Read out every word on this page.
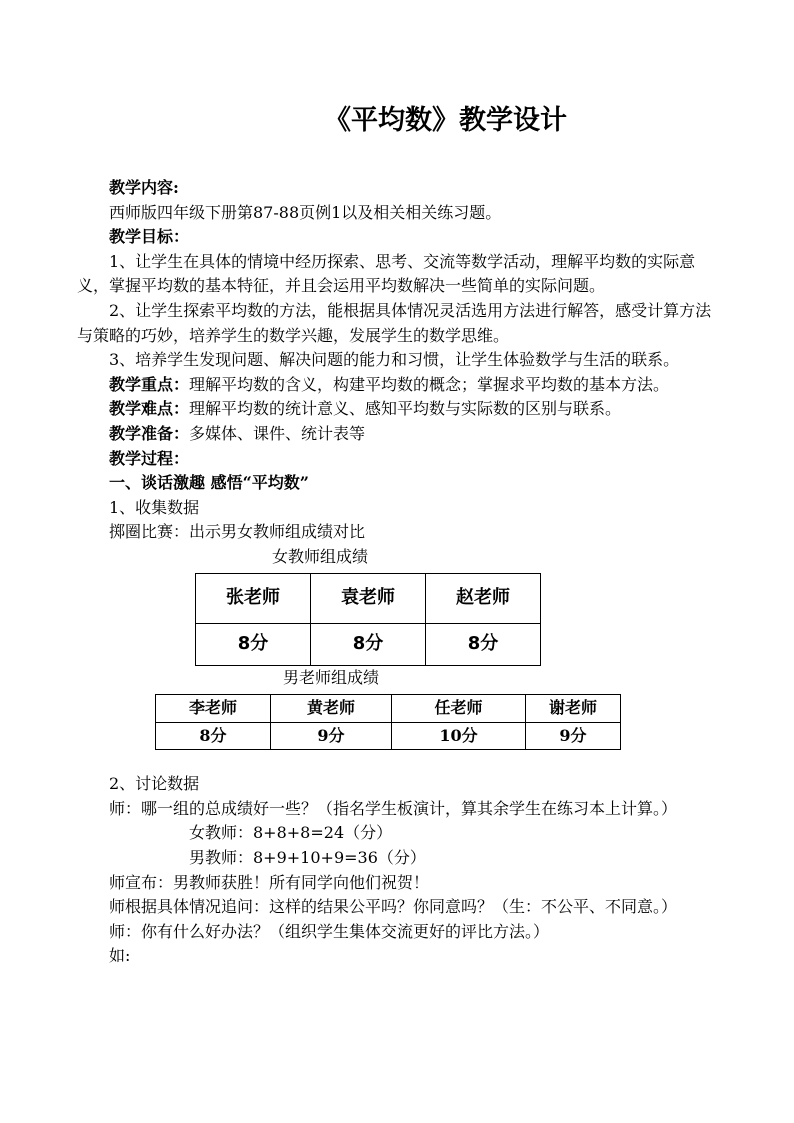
《平均数》教学设计

教学内容:

西师版四年级下册第87-88页例1以及相关相关练习题。

教学目标：

1、让学生在具体的情境中经历探索、思考、交流等数学活动，理解平均数的实际意义，掌握平均数的基本特征，并且会运用平均数解决一些简单的实际问题。

2、让学生探索平均数的方法，能根据具体情况灵活选用方法进行解答，感受计算方法与策略的巧妙，培养学生的数学兴趣，发展学生的数学思维。

3、培养学生发现问题、解决问题的能力和习惯，让学生体验数学与生活的联系。

教学重点：理解平均数的含义，构建平均数的概念；掌握求平均数的基本方法。

教学难点：理解平均数的统计意义、感知平均数与实际数的区别与联系。

教学准备：多媒体、课件、统计表等

教学过程：

一、谈话激趣 感悟“平均数”

1、收集数据

掷圈比赛：出示男女教师组成绩对比

女教师组成绩

张老师	袁老师	赵老师
8分	8分	8分

男老师组成绩

李老师	黄老师	任老师	谢老师
8分	9分	10分	9分

2、讨论数据

师：哪一组的总成绩好一些？（指名学生板演计，算其余学生在练习本上计算。）

女教师：8+8+8=24（分）

男教师：8+9+10+9=36（分）

师宣布：男教师获胜！所有同学向他们祝贺！

师根据具体情况追问：这样的结果公平吗？你同意吗？（生：不公平、不同意。）

师：你有什么好办法？（组织学生集体交流更好的评比方法。）

如:
